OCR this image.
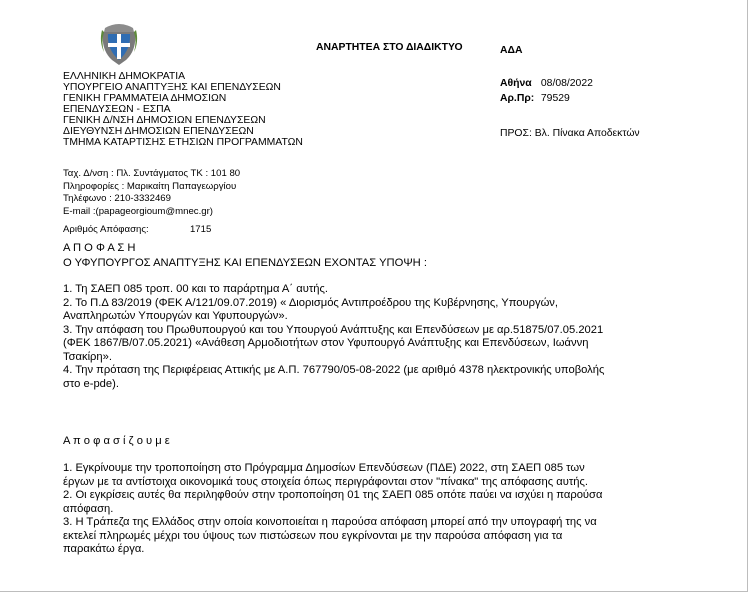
ΑΝΑΡΤΗΤΕΑ ΣΤΟ ΔΙΑΔΙΚΤΥΟ	ΑΔΑ
ΕΛΛΗΝΙΚΗ ΔΗΜΟΚΡΑΤΙΑ
ΥΠΟΥΡΓΕΙΟ ΑΝΑΠΤΥΞΗΣ ΚΑΙ ΕΠΕΝΔΥΣΕΩΝ
ΓΕΝΙΚΗ ΓΡΑΜΜΑΤΕΙΑ ΔΗΜΟΣΙΩΝ
ΕΠΕΝΔΥΣΕΩΝ - ΕΣΠΑ
ΓΕΝΙΚΗ Δ/ΝΣΗ ΔΗΜΟΣΙΩΝ ΕΠΕΝΔΥΣΕΩΝ
ΔΙΕΥΘΥΝΣΗ ΔΗΜΟΣΙΩΝ ΕΠΕΝΔΥΣΕΩΝ
ΤΜΗΜΑ ΚΑΤΑΡΤΙΣΗΣ ΕΤΗΣΙΩΝ ΠΡΟΓΡΑΜΜΑΤΩΝ
Αθήνα 08/08/2022
Αρ.Πρ: 79529
ΠΡΟΣ: Βλ. Πίνακα Αποδεκτών
Ταχ. Δ/νση : Πλ. Συντάγματος ΤΚ : 101 80
Πληροφορίες : Μαρικαίτη Παπαγεωργίου
Τηλέφωνο : 210-3332469
E-mail :(papageorgioum@mnec.gr)
Αριθμός Απόφασης:	1715
Α Π Ο Φ Α Σ Η
Ο ΥΦΥΠΟΥΡΓΟΣ ΑΝΑΠΤΥΞΗΣ ΚΑΙ ΕΠΕΝΔΥΣΕΩΝ ΕΧΟΝΤΑΣ ΥΠΟΨΗ :
1. Τη ΣΑΕΠ 085 τροπ. 00 και το παράρτημα Α΄ αυτής.
2. Το Π.Δ 83/2019 (ΦΕΚ Α/121/09.07.2019) « Διορισμός Αντιπροέδρου της Κυβέρνησης, Υπουργών,
Αναπληρωτών Υπουργών και Υφυπουργών».
3. Την απόφαση του Πρωθυπουργού και του Υπουργού Ανάπτυξης και Επενδύσεων με αρ.51875/07.05.2021
(ΦΕΚ 1867/Β/07.05.2021) «Ανάθεση Αρμοδιοτήτων στον Υφυπουργό Ανάπτυξης και Επενδύσεων, Ιωάννη
Τσακίρη».
4. Την πρόταση της Περιφέρειας Αττικής με Α.Π. 767790/05-08-2022 (με αριθμό 4378 ηλεκτρονικής υποβολής
στο e-pde).
Α π ο φ α σ ί ζ ο υ μ ε
1. Εγκρίνουμε την τροποποίηση στο Πρόγραμμα Δημοσίων Επενδύσεων (ΠΔΕ) 2022, στη ΣΑΕΠ 085 των
έργων με τα αντίστοιχα οικονομικά τους στοιχεία όπως περιγράφονται στον "πίνακα" της απόφασης αυτής.
2. Οι εγκρίσεις αυτές θα περιληφθούν στην τροποποίηση 01 της ΣΑΕΠ 085 οπότε παύει να ισχύει η παρούσα
απόφαση.
3. Η Τράπεζα της Ελλάδος στην οποία κοινοποιείται η παρούσα απόφαση μπορεί από την υπογραφή της να
εκτελεί πληρωμές μέχρι του ύψους των πιστώσεων που εγκρίνονται με την παρούσα απόφαση για τα
παρακάτω έργα.
